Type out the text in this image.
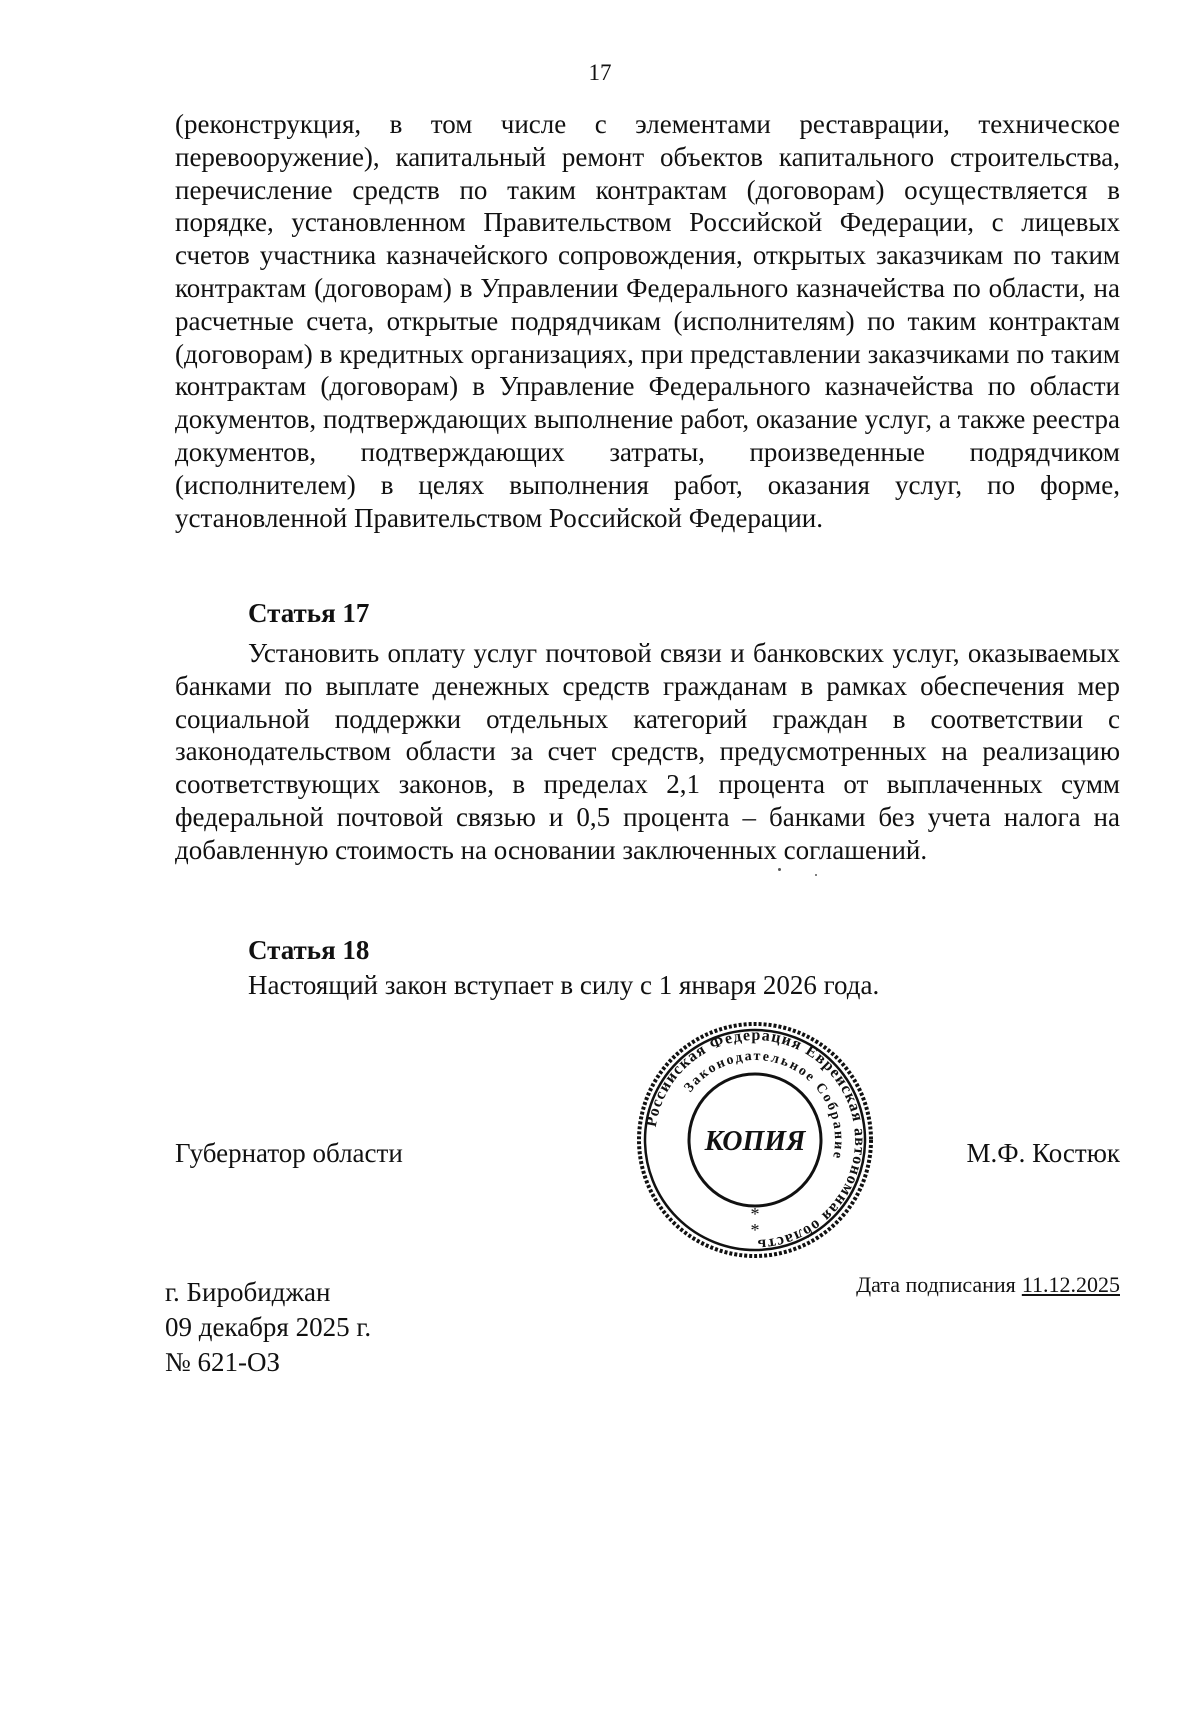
17

(реконструкция, в том числе с элементами реставрации, техническое перевооружение), капитальный ремонт объектов капитального строительства, перечисление средств по таким контрактам (договорам) осуществляется в порядке, установленном Правительством Российской Федерации, с лицевых счетов участника казначейского сопровождения, открытых заказчикам по таким контрактам (договорам) в Управлении Федерального казначейства по области, на расчетные счета, открытые подрядчикам (исполнителям) по таким контрактам (договорам) в кредитных организациях, при представлении заказчиками по таким контрактам (договорам) в Управление Федерального казначейства по области документов, подтверждающих выполнение работ, оказание услуг, а также реестра документов, подтверждающих затраты, произведенные подрядчиком (исполнителем) в целях выполнения работ, оказания услуг, по форме, установленной Правительством Российской Федерации.

Статья 17

Установить оплату услуг почтовой связи и банковских услуг, оказываемых банками по выплате денежных средств гражданам в рамках обеспечения мер социальной поддержки отдельных категорий граждан в соответствии с законодательством области за счет средств, предусмотренных на реализацию соответствующих законов, в пределах 2,1 процента от выплаченных сумм федеральной почтовой связью и 0,5 процента – банками без учета налога на добавленную стоимость на основании заключенных соглашений.

Статья 18

Настоящий закон вступает в силу с 1 января 2026 года.

Губернатор области
Российская Федерация Еврейская автономная область
Законодательное Собрание
КОПИЯ
*
*
М.Ф. Костюк
г. Биробиджан
09 декабря 2025 г.
№ 621-ОЗ
Дата подписания 11.12.2025
